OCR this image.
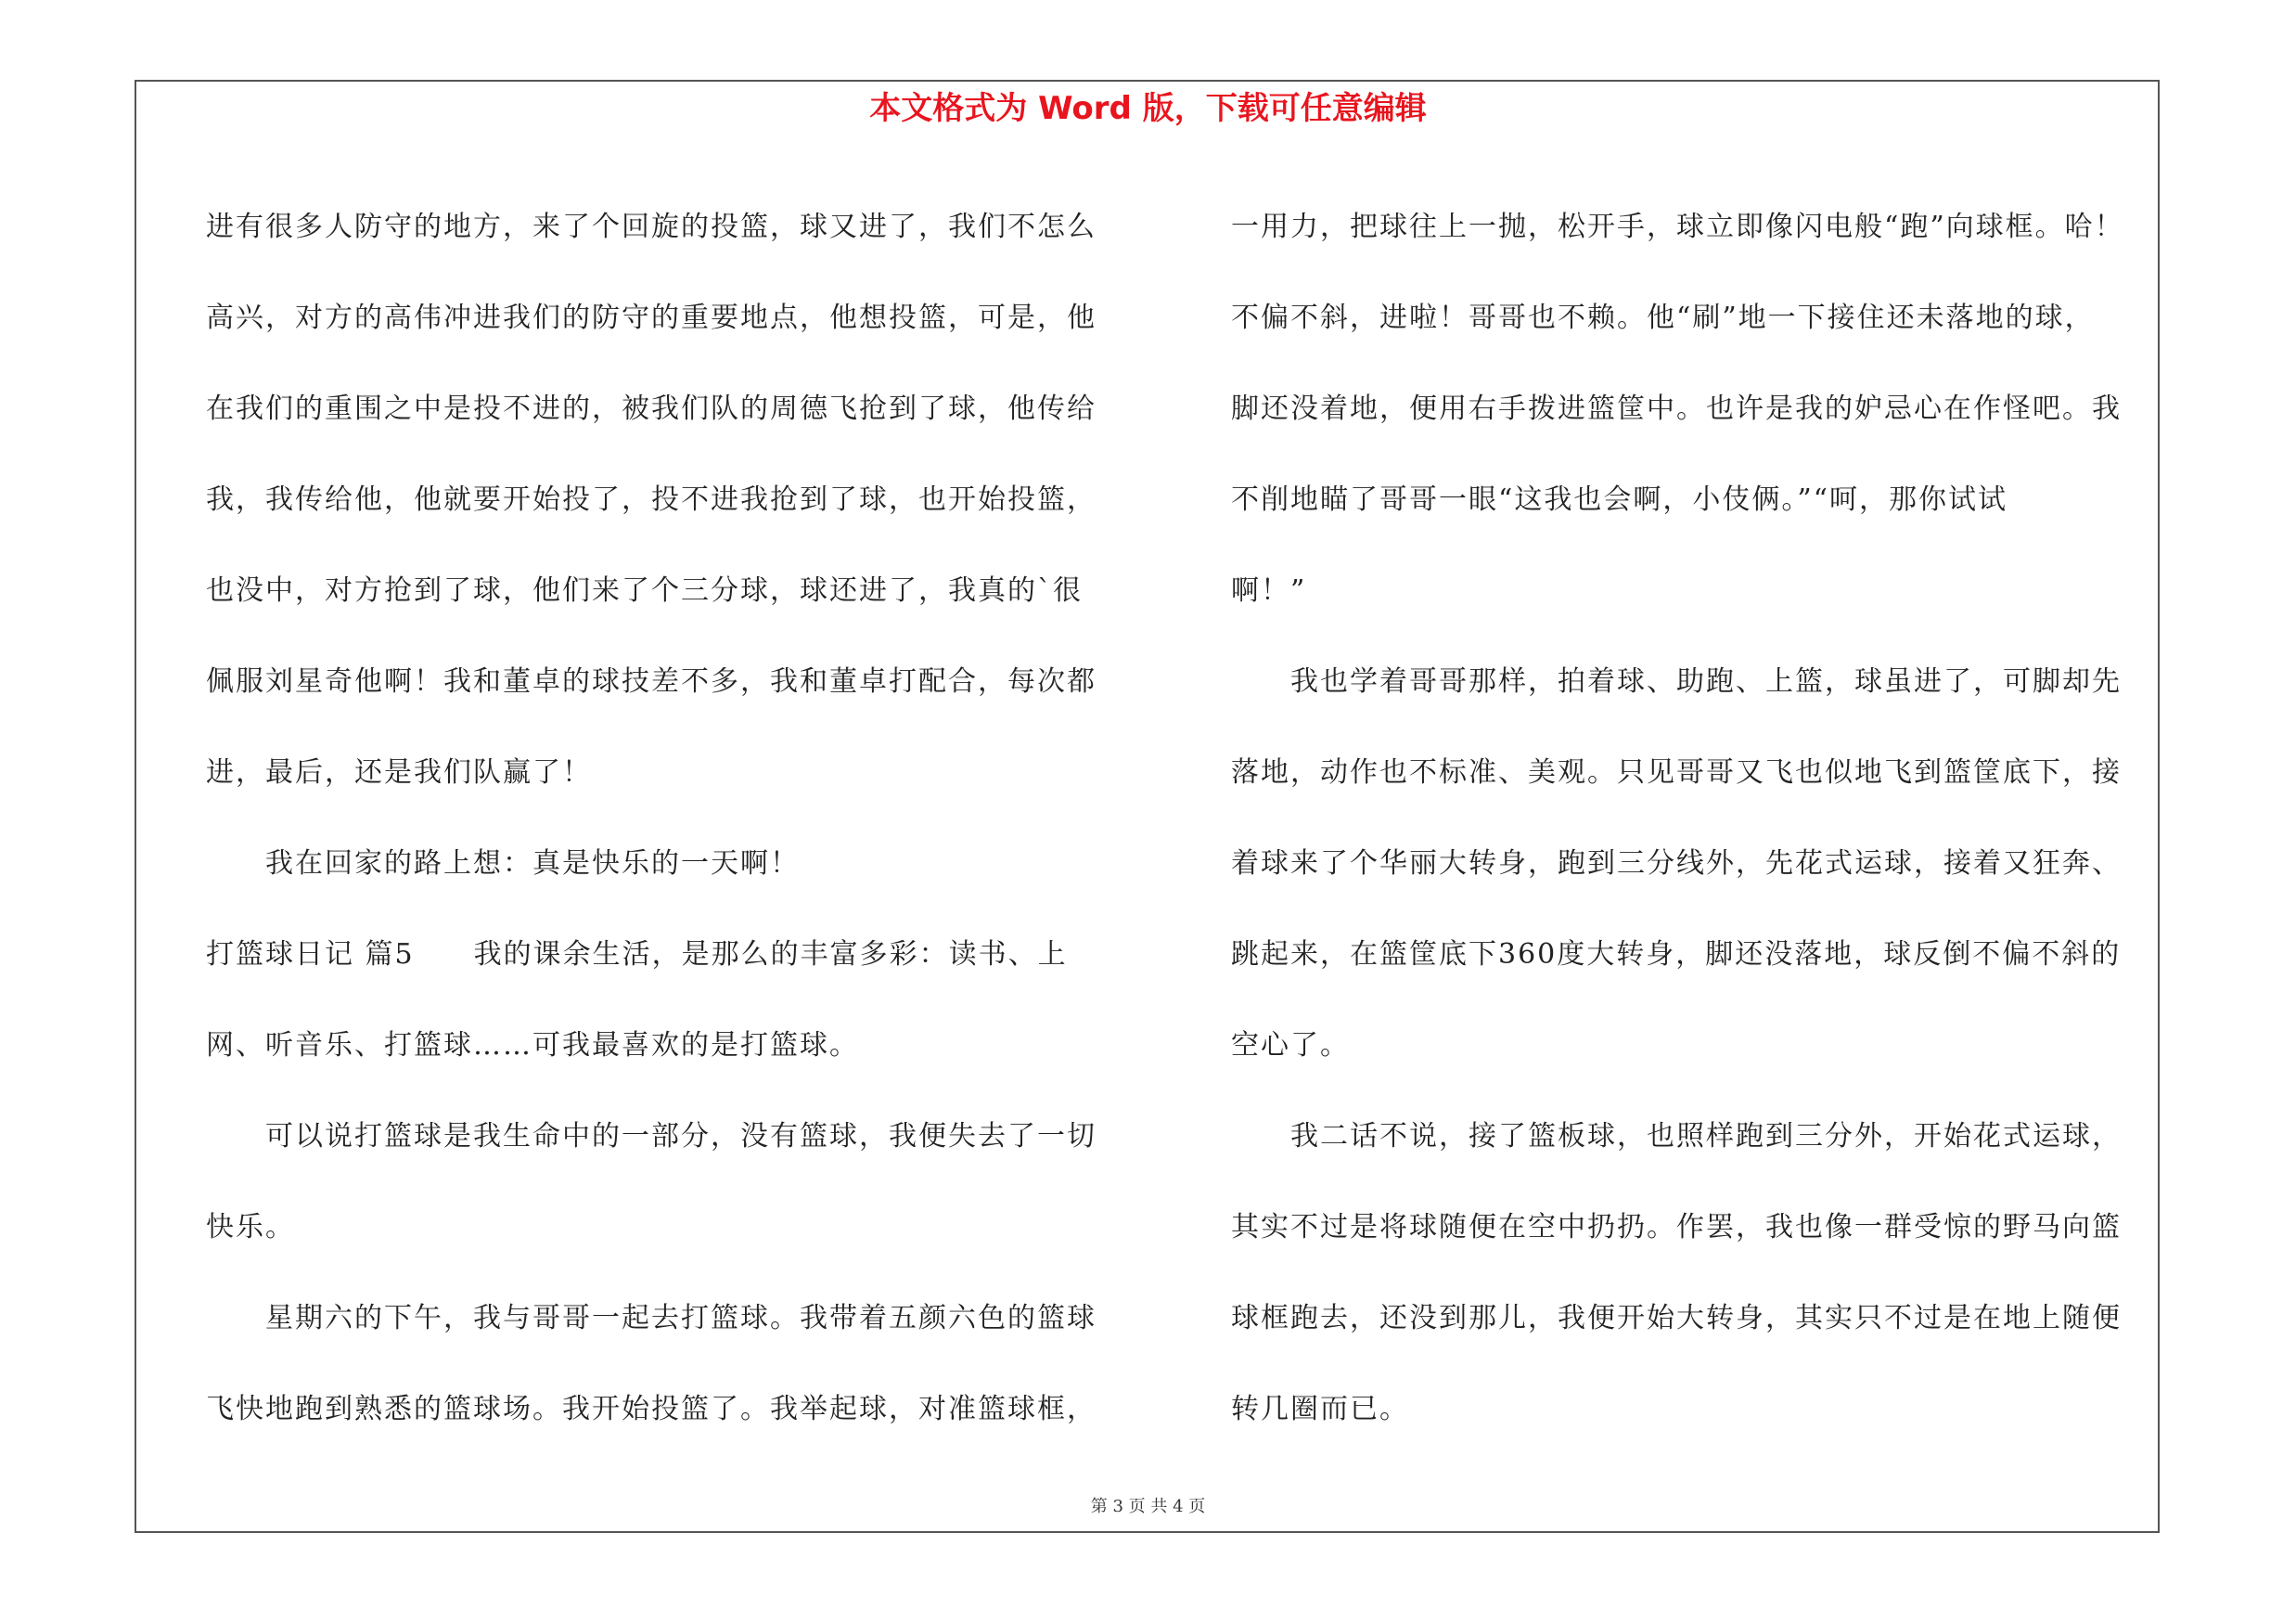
本文格式为 Word 版，下载可任意编辑
进有很多人防守的地方，来了个回旋的投篮，球又进了，我们不怎么
高兴，对方的高伟冲进我们的防守的重要地点，他想投篮，可是，他
在我们的重围之中是投不进的，被我们队的周德飞抢到了球，他传给
我，我传给他，他就要开始投了，投不进我抢到了球，也开始投篮，
也没中，对方抢到了球，他们来了个三分球，球还进了，我真的`很
佩服刘星奇他啊！我和董卓的球技差不多，我和董卓打配合，每次都
进，最后，还是我们队赢了！
　　我在回家的路上想：真是快乐的一天啊！
打篮球日记 篇5　　我的课余生活，是那么的丰富多彩：读书、上
网、听音乐、打篮球……可我最喜欢的是打篮球。
　　可以说打篮球是我生命中的一部分，没有篮球，我便失去了一切
快乐。
　　星期六的下午，我与哥哥一起去打篮球。我带着五颜六色的篮球
飞快地跑到熟悉的篮球场。我开始投篮了。我举起球，对准篮球框，
一用力，把球往上一抛，松开手，球立即像闪电般“跑”向球框。哈！
不偏不斜，进啦！哥哥也不赖。他“刷”地一下接住还未落地的球，
脚还没着地，便用右手拨进篮筐中。也许是我的妒忌心在作怪吧。我
不削地瞄了哥哥一眼“这我也会啊，小伎俩。”“呵，那你试试
啊！”
　　我也学着哥哥那样，拍着球、助跑、上篮，球虽进了，可脚却先
落地，动作也不标准、美观。只见哥哥又飞也似地飞到篮筐底下，接
着球来了个华丽大转身，跑到三分线外，先花式运球，接着又狂奔、
跳起来，在篮筐底下360度大转身，脚还没落地，球反倒不偏不斜的
空心了。
　　我二话不说，接了篮板球，也照样跑到三分外，开始花式运球，
其实不过是将球随便在空中扔扔。作罢，我也像一群受惊的野马向篮
球框跑去，还没到那儿，我便开始大转身，其实只不过是在地上随便
转几圈而已。
第 3 页 共 4 页
